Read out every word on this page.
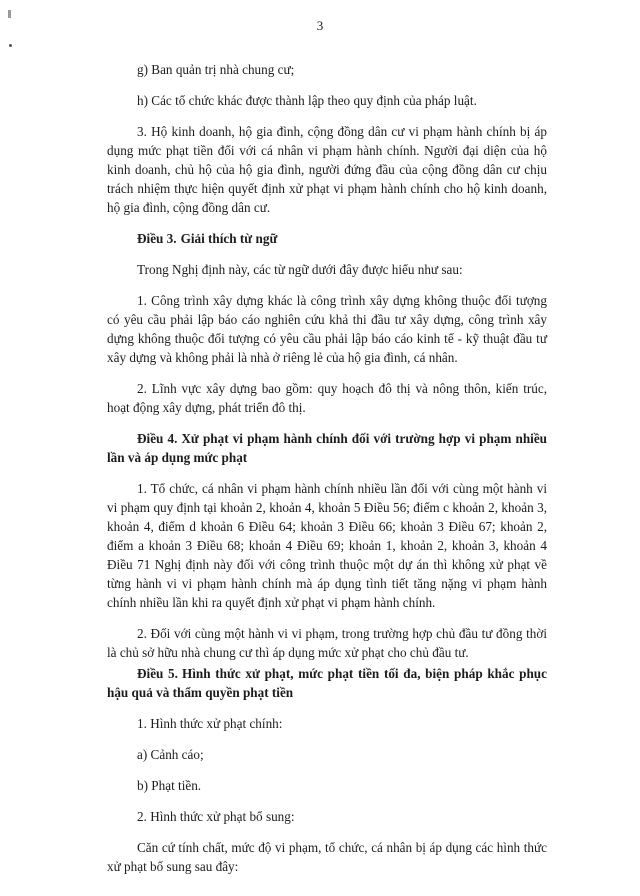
3

g) Ban quản trị nhà chung cư;

h) Các tổ chức khác được thành lập theo quy định của pháp luật.

3. Hộ kinh doanh, hộ gia đình, cộng đồng dân cư vi phạm hành chính bị áp dụng mức phạt tiền đối với cá nhân vi phạm hành chính. Người đại diện của hộ kinh doanh, chủ hộ của hộ gia đình, người đứng đầu của cộng đồng dân cư chịu trách nhiệm thực hiện quyết định xử phạt vi phạm hành chính cho hộ kinh doanh, hộ gia đình, cộng đồng dân cư.

Điều 3. Giải thích từ ngữ

Trong Nghị định này, các từ ngữ dưới đây được hiểu như sau:

1. Công trình xây dựng khác là công trình xây dựng không thuộc đối tượng có yêu cầu phải lập báo cáo nghiên cứu khả thi đầu tư xây dựng, công trình xây dựng không thuộc đối tượng có yêu cầu phải lập báo cáo kinh tế - kỹ thuật đầu tư xây dựng và không phải là nhà ở riêng lẻ của hộ gia đình, cá nhân.

2. Lĩnh vực xây dựng bao gồm: quy hoạch đô thị và nông thôn, kiến trúc, hoạt động xây dựng, phát triển đô thị.

Điều 4. Xử phạt vi phạm hành chính đối với trường hợp vi phạm nhiều lần và áp dụng mức phạt

1. Tổ chức, cá nhân vi phạm hành chính nhiều lần đối với cùng một hành vi vi phạm quy định tại khoản 2, khoản 4, khoản 5 Điều 56; điểm c khoản 2, khoản 3, khoản 4, điểm d khoản 6 Điều 64; khoản 3 Điều 66; khoản 3 Điều 67; khoản 2, điểm a khoản 3 Điều 68; khoản 4 Điều 69; khoản 1, khoản 2, khoản 3, khoản 4 Điều 71 Nghị định này đối với công trình thuộc một dự án thì không xử phạt về từng hành vi vi phạm hành chính mà áp dụng tình tiết tăng nặng vi phạm hành chính nhiều lần khi ra quyết định xử phạt vi phạm hành chính.

2. Đối với cùng một hành vi vi phạm, trong trường hợp chủ đầu tư đồng thời là chủ sở hữu nhà chung cư thì áp dụng mức xử phạt cho chủ đầu tư.

Điều 5. Hình thức xử phạt, mức phạt tiền tối đa, biện pháp khắc phục hậu quả và thẩm quyền phạt tiền

1. Hình thức xử phạt chính:

a) Cảnh cáo;

b) Phạt tiền.

2. Hình thức xử phạt bổ sung:

Căn cứ tính chất, mức độ vi phạm, tổ chức, cá nhân bị áp dụng các hình thức xử phạt bổ sung sau đây:
